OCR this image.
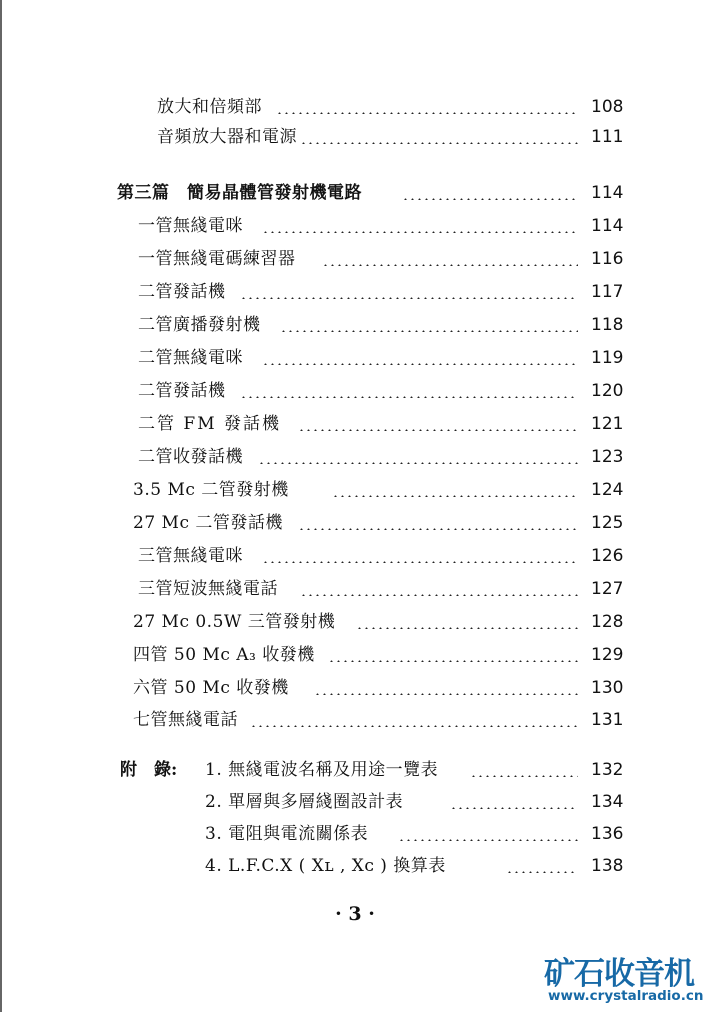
放大和倍頻部	108
音頻放大器和電源	111
第三篇　簡易晶體管發射機電路	114
一管無綫電咪	114
一管無綫電碼練習器	116
二管發話機	117
二管廣播發射機	118
二管無綫電咪	119
二管發話機	120
二管 FM 發話機	121
二管收發話機	123
3.5 Mc 二管發射機	124
27 Mc 二管發話機	125
三管無綫電咪	126
三管短波無綫電話	127
27 Mc 0.5W 三管發射機	128
四管 50 Mc A₃ 收發機	129
六管 50 Mc 收發機	130
七管無綫電話	131
附　錄: 1. 無綫電波名稱及用途一覽表	132
2. 單層與多層綫圈設計表	134
3. 電阻與電流關係表	136
4. L.F.C.X ( Xʟ , Xᴄ ) 換算表	138
· 3 ·
矿石收音机
www.crystalradio.cn
